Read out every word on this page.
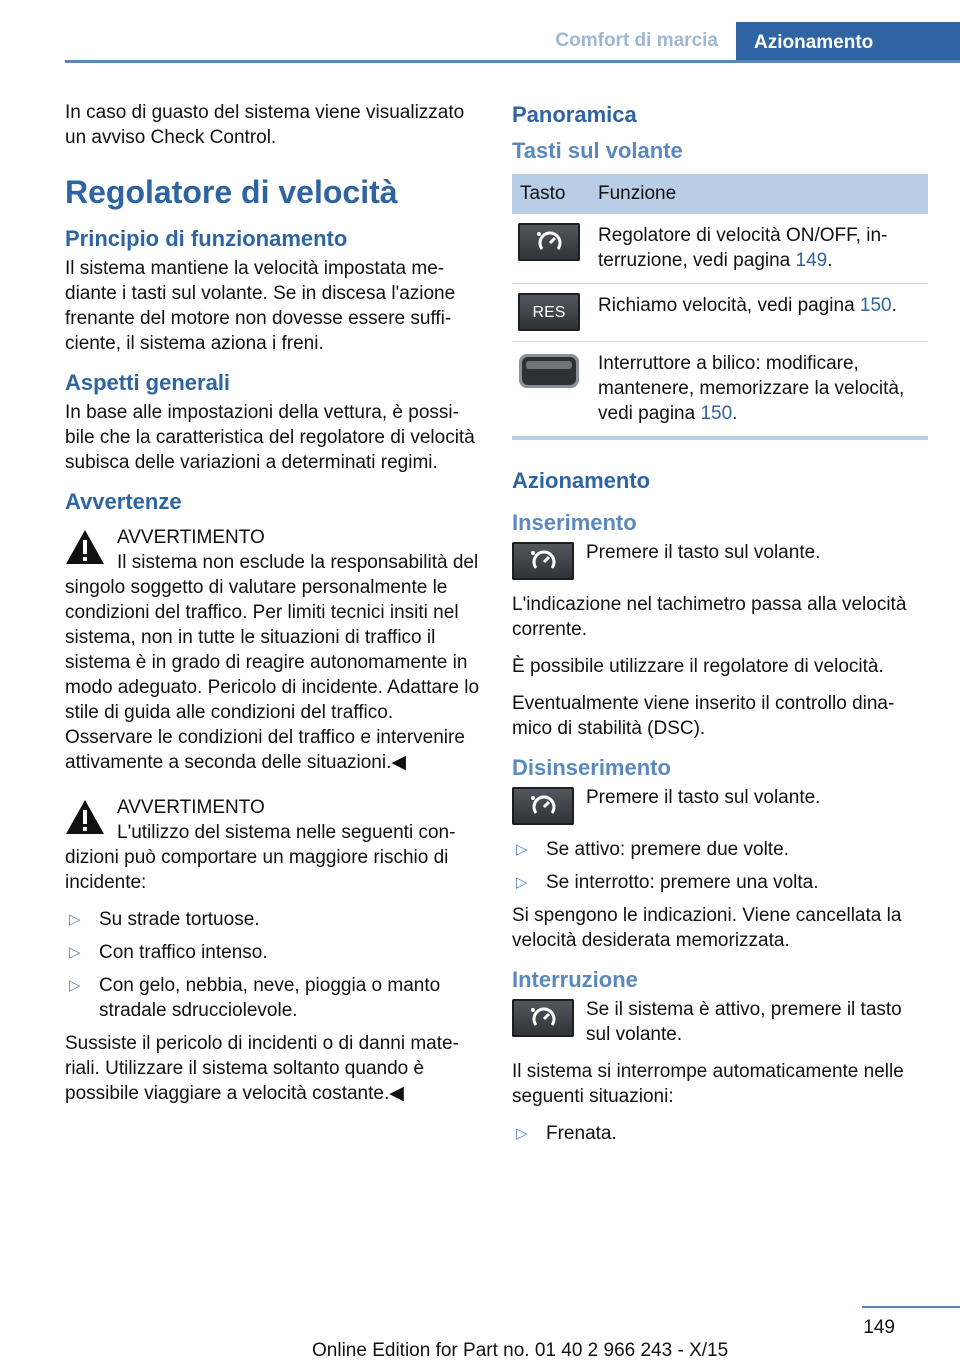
Comfort di marcia Azionamento

In caso di guasto del sistema viene visualizzato un avviso Check Control.

Regolatore di velocità
Principio di funzionamento

Il sistema mantiene la velocità impostata mediante i tasti sul volante. Se in discesa l'azione frenante del motore non dovesse essere sufficiente, il sistema aziona i freni.

Aspetti generali

In base alle impostazioni della vettura, è possibile che la caratteristica del regolatore di velocità subisca delle variazioni a determinati regimi.

Avvertenze
AVVERTIMENTO

Il sistema non esclude la responsabilità del singolo soggetto di valutare personalmente le condizioni del traffico. Per limiti tecnici insiti nel sistema, non in tutte le situazioni di traffico il sistema è in grado di reagire autonomamente in modo adeguato. Pericolo di incidente. Adattare lo stile di guida alle condizioni del traffico. Osservare le condizioni del traffico e intervenire attivamente a seconda delle situazioni.◀

AVVERTIMENTO

L'utilizzo del sistema nelle seguenti condizioni può comportare un maggiore rischio di incidente:

▷ Su strade tortuose.
▷ Con traffico intenso.
▷ Con gelo, nebbia, neve, pioggia o manto stradale sdrucciolevole.

Sussiste il pericolo di incidenti o di danni materiali. Utilizzare il sistema soltanto quando è possibile viaggiare a velocità costante.◀

Panoramica
Tasti sul volante
Tasto	Funzione

	Regolatore di velocità ON/OFF, interruzione, vedi pagina 149.

RES	Richiamo velocità, vedi pagina 150.

	Interruttore a bilico: modificare, mantenere, memorizzare la velocità, vedi pagina 150.
Azionamento
Inserimento

Premere il tasto sul volante.

L'indicazione nel tachimetro passa alla velocità corrente.

È possibile utilizzare il regolatore di velocità.

Eventualmente viene inserito il controllo dinamico di stabilità (DSC).

Disinserimento

Premere il tasto sul volante.

▷ Se attivo: premere due volte.
▷ Se interrotto: premere una volta.

Si spengono le indicazioni. Viene cancellata la velocità desiderata memorizzata.

Interruzione

Se il sistema è attivo, premere il tasto sul volante.

Il sistema si interrompe automaticamente nelle seguenti situazioni:

▷ Frenata.
149
Online Edition for Part no. 01 40 2 966 243 - X/15
